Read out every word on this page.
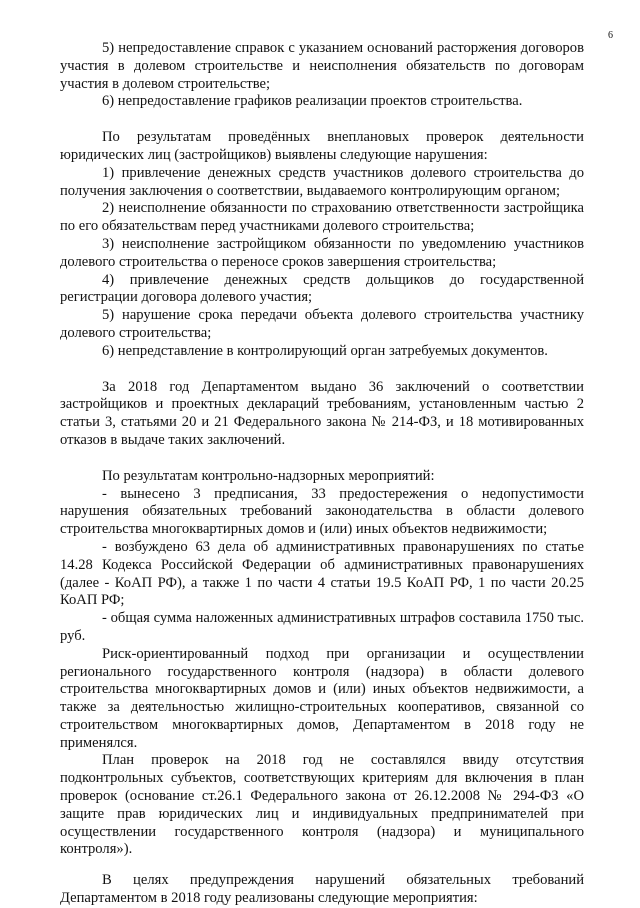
6

5) непредоставление справок с указанием оснований расторжения договоров участия в долевом строительстве и неисполнения обязательств по договорам участия в долевом строительстве;

6) непредоставление графиков реализации проектов строительства.

По результатам проведённых внеплановых проверок деятельности юридических лиц (застройщиков) выявлены следующие нарушения:

1) привлечение денежных средств участников долевого строительства до получения заключения о соответствии, выдаваемого контролирующим органом;

2) неисполнение обязанности по страхованию ответственности застройщика по его обязательствам перед участниками долевого строительства;

3) неисполнение застройщиком обязанности по уведомлению участников долевого строительства о переносе сроков завершения строительства;

4) привлечение денежных средств дольщиков до государственной регистрации договора долевого участия;

5) нарушение срока передачи объекта долевого строительства участнику долевого строительства;

6) непредставление в контролирующий орган затребуемых документов.

За 2018 год Департаментом выдано 36 заключений о соответствии застройщиков и проектных деклараций требованиям, установленным частью 2 статьи 3, статьями 20 и 21 Федерального закона № 214-ФЗ, и 18 мотивированных отказов в выдаче таких заключений.

По результатам контрольно-надзорных мероприятий:

- вынесено 3 предписания, 33 предостережения о недопустимости нарушения обязательных требований законодательства в области долевого строительства многоквартирных домов и (или) иных объектов недвижимости;

- возбуждено 63 дела об административных правонарушениях по статье 14.28 Кодекса Российской Федерации об административных правонарушениях (далее - КоАП РФ), а также 1 по части 4 статьи 19.5 КоАП РФ, 1 по части 20.25 КоАП РФ;

- общая сумма наложенных административных штрафов составила 1750 тыс. руб.

Риск-ориентированный подход при организации и осуществлении регионального государственного контроля (надзора) в области долевого строительства многоквартирных домов и (или) иных объектов недвижимости, а также за деятельностью жилищно-строительных кооперативов, связанной со строительством многоквартирных домов, Департаментом в 2018 году не применялся.

План проверок на 2018 год не составлялся ввиду отсутствия подконтрольных субъектов, соответствующих критериям для включения в план проверок (основание ст.26.1 Федерального закона от 26.12.2008 № 294-ФЗ «О защите прав юридических лиц и индивидуальных предпринимателей при осуществлении государственного контроля (надзора) и муниципального контроля»).

В целях предупреждения нарушений обязательных требований Департаментом в 2018 году реализованы следующие мероприятия:
